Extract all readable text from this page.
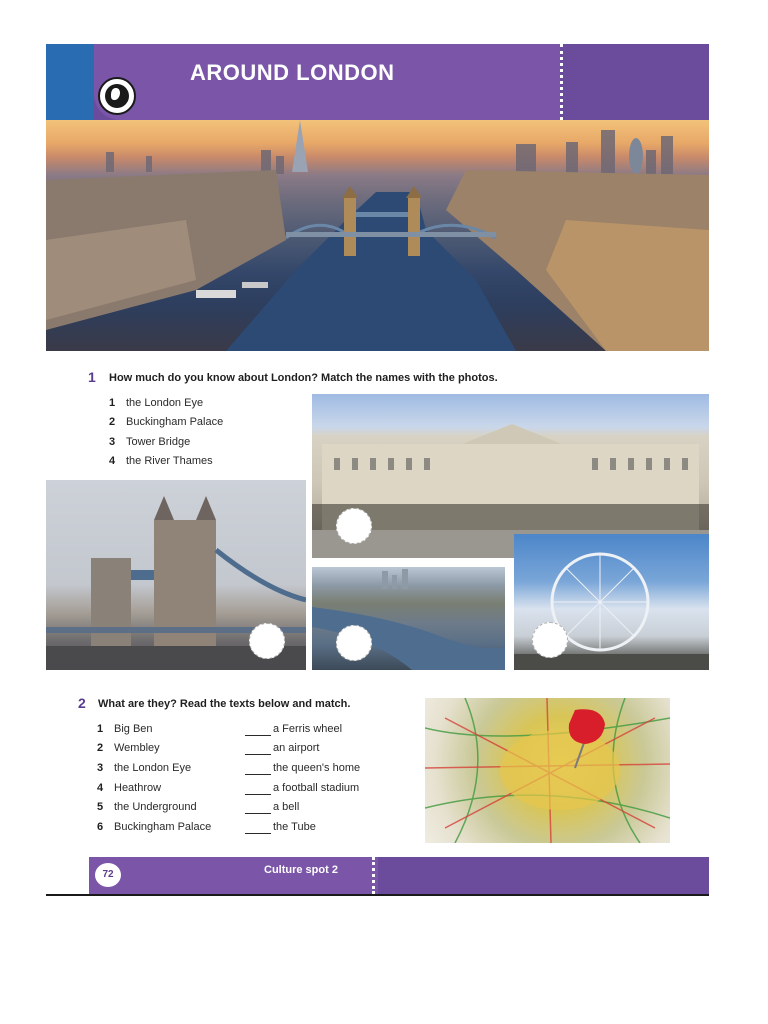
AROUND LONDON
1 How much do you know about London? Match the names with the photos.
1 the London Eye
2 Buckingham Palace
3 Tower Bridge
4 the River Thames
2 What are they? Read the texts below and match.
1 Big Ben
2 Wembley
3 the London Eye
4 Heathrow
5 the Underground
6 Buckingham Palace
a Ferris wheel
an airport
the queen's home
a football stadium
a bell
the Tube
72	Culture spot 2
